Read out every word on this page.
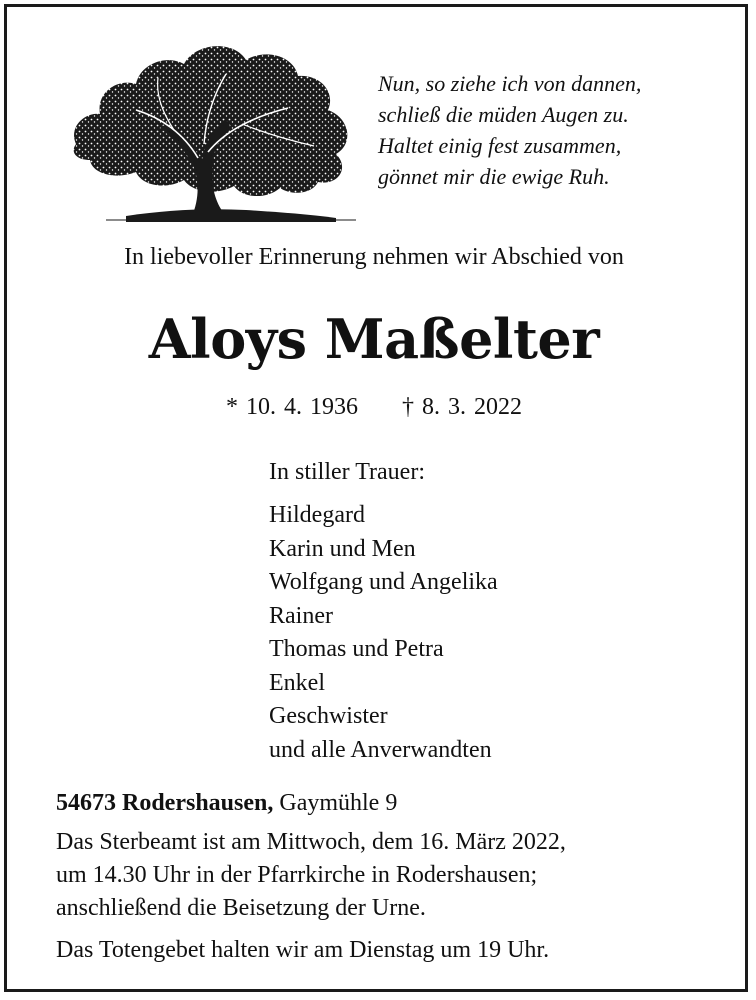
Nun, so ziehe ich von dannen,
schließ die müden Augen zu.
Haltet einig fest zusammen,
gönnet mir die ewige Ruh.
In liebevoller Erinnerung nehmen wir Abschied von
Aloys Maßelter
* 10. 4. 1936 † 8. 3. 2022
In stiller Trauer:
Hildegard
Karin und Men
Wolfgang und Angelika
Rainer
Thomas und Petra
Enkel
Geschwister
und alle Anverwandten
54673 Rodershausen, Gaymühle 9
Das Sterbeamt ist am Mittwoch, dem 16. März 2022,
um 14.30 Uhr in der Pfarrkirche in Rodershausen;
anschließend die Beisetzung der Urne.
Das Totengebet halten wir am Dienstag um 19 Uhr.
